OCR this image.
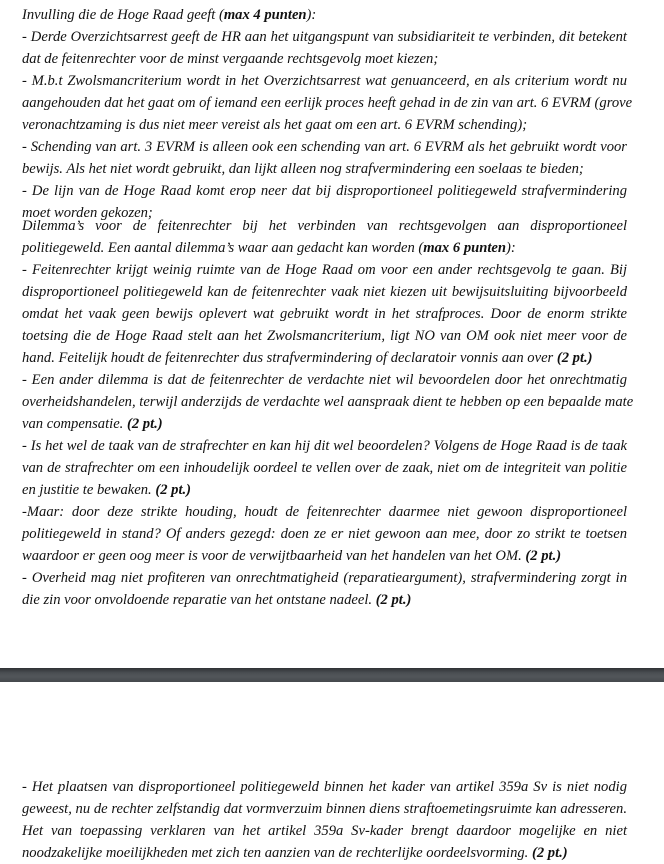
Invulling die de Hoge Raad geeft (max 4 punten):
- Derde Overzichtsarrest geeft de HR aan het uitgangspunt van subsidiariteit te verbinden, dit betekent
dat de feitenrechter voor de minst vergaande rechtsgevolg moet kiezen;
- M.b.t Zwolsmancriterium wordt in het Overzichtsarrest wat genuanceerd, en als criterium wordt nu
aangehouden dat het gaat om of iemand een eerlijk proces heeft gehad in de zin van art. 6 EVRM (grove
veronachtzaming is dus niet meer vereist als het gaat om een art. 6 EVRM schending);
- Schending van art. 3 EVRM is alleen ook een schending van art. 6 EVRM als het gebruikt wordt voor
bewijs. Als het niet wordt gebruikt, dan lijkt alleen nog strafvermindering een soelaas te bieden;
- De lijn van de Hoge Raad komt erop neer dat bij disproportioneel politiegeweld strafvermindering
moet worden gekozen;
Dilemma’s voor de feitenrechter bij het verbinden van rechtsgevolgen aan disproportioneel
politiegeweld. Een aantal dilemma’s waar aan gedacht kan worden (max 6 punten):
- Feitenrechter krijgt weinig ruimte van de Hoge Raad om voor een ander rechtsgevolg te gaan. Bij
disproportioneel politiegeweld kan de feitenrechter vaak niet kiezen uit bewijsuitsluiting bijvoorbeeld
omdat het vaak geen bewijs oplevert wat gebruikt wordt in het strafproces. Door de enorm strikte
toetsing die de Hoge Raad stelt aan het Zwolsmancriterium, ligt NO van OM ook niet meer voor de
hand. Feitelijk houdt de feitenrechter dus strafvermindering of declaratoir vonnis aan over (2 pt.)
- Een ander dilemma is dat de feitenrechter de verdachte niet wil bevoordelen door het onrechtmatig
overheidshandelen, terwijl anderzijds de verdachte wel aanspraak dient te hebben op een bepaalde mate
van compensatie. (2 pt.)
- Is het wel de taak van de strafrechter en kan hij dit wel beoordelen? Volgens de Hoge Raad is de taak
van de strafrechter om een inhoudelijk oordeel te vellen over de zaak, niet om de integriteit van politie
en justitie te bewaken. (2 pt.)
-Maar: door deze strikte houding, houdt de feitenrechter daarmee niet gewoon disproportioneel
politiegeweld in stand? Of anders gezegd: doen ze er niet gewoon aan mee, door zo strikt te toetsen
waardoor er geen oog meer is voor de verwijtbaarheid van het handelen van het OM. (2 pt.)
- Overheid mag niet profiteren van onrechtmatigheid (reparatieargument), strafvermindering zorgt in
die zin voor onvoldoende reparatie van het ontstane nadeel. (2 pt.)
- Het plaatsen van disproportioneel politiegeweld binnen het kader van artikel 359a Sv is niet nodig
geweest, nu de rechter zelfstandig dat vormverzuim binnen diens straftoemetingsruimte kan adresseren.
Het van toepassing verklaren van het artikel 359a Sv-kader brengt daardoor mogelijke en niet
noodzakelijke moeilijkheden met zich ten aanzien van de rechterlijke oordeelsvorming. (2 pt.)
